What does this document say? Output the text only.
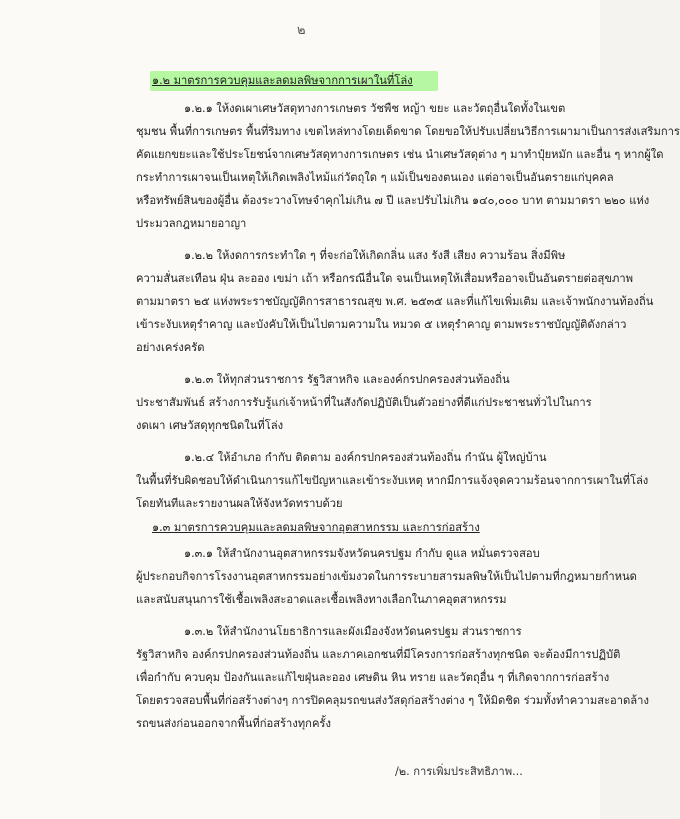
๒
๑.๒ มาตรการควบคุมและลดมลพิษจากการเผาในที่โล่ง
๑.๒.๑ ให้งดเผาเศษวัสดุทางการเกษตร วัชพืช หญ้า ขยะ และวัตถุอื่นใดทั้งในเขต
ชุมชน พื้นที่การเกษตร พื้นที่ริมทาง เขตไหล่ทางโดยเด็ดขาด โดยขอให้ปรับเปลี่ยนวิธีการเผามาเป็นการส่งเสริมการ
คัดแยกขยะและใช้ประโยชน์จากเศษวัสดุทางการเกษตร เช่น นำเศษวัสดุต่าง ๆ มาทำปุ๋ยหมัก และอื่น ๆ หากผู้ใด
กระทำการเผาจนเป็นเหตุให้เกิดเพลิงไหม้แก่วัตถุใด ๆ แม้เป็นของตนเอง แต่อาจเป็นอันตรายแก่บุคคล
หรือทรัพย์สินของผู้อื่น ต้องระวางโทษจำคุกไม่เกิน ๗ ปี และปรับไม่เกิน ๑๔๐,๐๐๐ บาท ตามมาตรา ๒๒๐ แห่ง
ประมวลกฎหมายอาญา
๑.๒.๒ ให้งดการกระทำใด ๆ ที่จะก่อให้เกิดกลิ่น แสง รังสี เสียง ความร้อน สิ่งมีพิษ
ความสั่นสะเทือน ฝุ่น ละออง เขม่า เถ้า หรือกรณีอื่นใด จนเป็นเหตุให้เสื่อมหรืออาจเป็นอันตรายต่อสุขภาพ
ตามมาตรา ๒๕ แห่งพระราชบัญญัติการสาธารณสุข พ.ศ. ๒๕๓๕ และที่แก้ไขเพิ่มเติม และเจ้าพนักงานท้องถิ่น
เข้าระงับเหตุรำคาญ และบังคับให้เป็นไปตามความใน หมวด ๕ เหตุรำคาญ ตามพระราชบัญญัติดังกล่าว
อย่างเคร่งครัด
๑.๒.๓ ให้ทุกส่วนราชการ รัฐวิสาหกิจ และองค์กรปกครองส่วนท้องถิ่น
ประชาสัมพันธ์ สร้างการรับรู้แก่เจ้าหน้าที่ในสังกัดปฏิบัติเป็นตัวอย่างที่ดีแก่ประชาชนทั่วไปในการ
งดเผา เศษวัสดุทุกชนิดในที่โล่ง
๑.๒.๔ ให้อำเภอ กำกับ ติดตาม องค์กรปกครองส่วนท้องถิ่น กำนัน ผู้ใหญ่บ้าน
ในพื้นที่รับผิดชอบให้ดำเนินการแก้ไขปัญหาและเข้าระงับเหตุ หากมีการแจ้งจุดความร้อนจากการเผาในที่โล่ง
โดยทันทีและรายงานผลให้จังหวัดทราบด้วย
๑.๓ มาตรการควบคุมและลดมลพิษจากอุตสาหกรรม และการก่อสร้าง
๑.๓.๑ ให้สำนักงานอุตสาหกรรมจังหวัดนครปฐม กำกับ ดูแล หมั่นตรวจสอบ
ผู้ประกอบกิจการโรงงานอุตสาหกรรมอย่างเข้มงวดในการระบายสารมลพิษให้เป็นไปตามที่กฎหมายกำหนด
และสนับสนุนการใช้เชื้อเพลิงสะอาดและเชื้อเพลิงทางเลือกในภาคอุตสาหกรรม
๑.๓.๒ ให้สำนักงานโยธาธิการและผังเมืองจังหวัดนครปฐม ส่วนราชการ
รัฐวิสาหกิจ องค์กรปกครองส่วนท้องถิ่น และภาคเอกชนที่มีโครงการก่อสร้างทุกชนิด จะต้องมีการปฏิบัติ
เพื่อกำกับ ควบคุม ป้องกันและแก้ไขฝุ่นละออง เศษดิน หิน ทราย และวัตถุอื่น ๆ ที่เกิดจากการก่อสร้าง
โดยตรวจสอบพื้นที่ก่อสร้างต่างๆ การปิดคลุมรถขนส่งวัสดุก่อสร้างต่าง ๆ ให้มิดชิด ร่วมทั้งทำความสะอาดล้าง
รถขนส่งก่อนออกจากพื้นที่ก่อสร้างทุกครั้ง
/๒. การเพิ่มประสิทธิภาพ...
